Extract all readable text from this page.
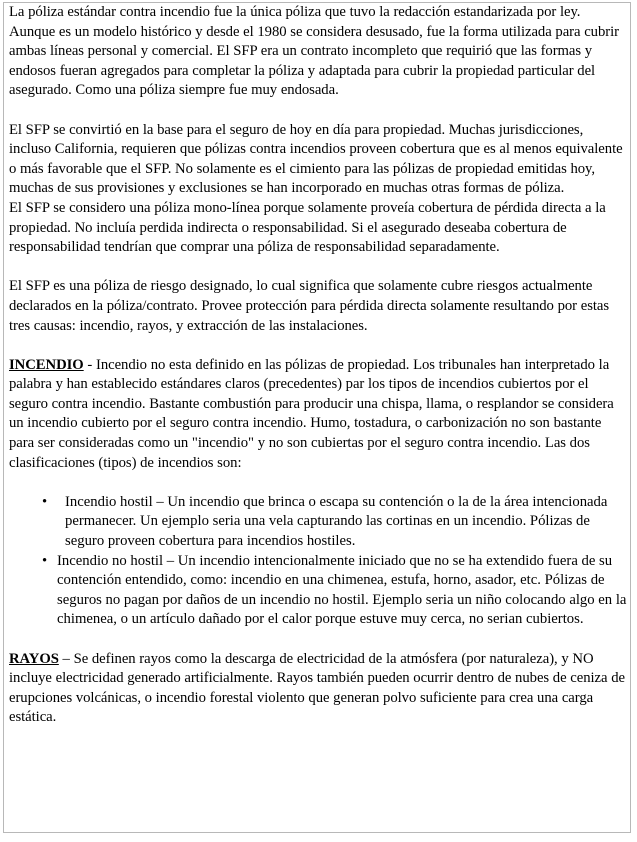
La póliza estándar contra incendio fue la única póliza que tuvo la redacción estandarizada por ley. Aunque es un modelo histórico y desde el 1980 se considera desusado, fue la forma utilizada para cubrir ambas líneas personal y comercial. El SFP era un contrato incompleto que requirió que las formas y endosos fueran agregados para completar la póliza y adaptada para cubrir la propiedad particular del asegurado. Como una póliza siempre fue muy endosada.

El SFP se convirtió en la base para el seguro de hoy en día para propiedad. Muchas jurisdicciones, incluso California, requieren que pólizas contra incendios proveen cobertura que es al menos equivalente o más favorable que el SFP. No solamente es el cimiento para las pólizas de propiedad emitidas hoy, muchas de sus provisiones y exclusiones se han incorporado en muchas otras formas de póliza.

El SFP se considero una póliza mono-línea porque solamente proveía cobertura de pérdida directa a la propiedad. No incluía perdida indirecta o responsabilidad. Si el asegurado deseaba cobertura de responsabilidad tendrían que comprar una póliza de responsabilidad separadamente.

El SFP es una póliza de riesgo designado, lo cual significa que solamente cubre riesgos actualmente declarados en la póliza/contrato. Provee protección para pérdida directa solamente resultando por estas tres causas: incendio, rayos, y extracción de las instalaciones.

INCENDIO - Incendio no esta definido en las pólizas de propiedad. Los tribunales han interpretado la palabra y han establecido estándares claros (precedentes) par los tipos de incendios cubiertos por el seguro contra incendio. Bastante combustión para producir una chispa, llama, o resplandor se considera un incendio cubierto por el seguro contra incendio. Humo, tostadura, o carbonización no son bastante para ser consideradas como un "incendio" y no son cubiertas por el seguro contra incendio. Las dos clasificaciones (tipos) de incendios son:

• Incendio hostil – Un incendio que brinca o escapa su contención o la de la área intencionada permanecer. Un ejemplo seria una vela capturando las cortinas en un incendio. Pólizas de seguro proveen cobertura para incendios hostiles.
• Incendio no hostil – Un incendio intencionalmente iniciado que no se ha extendido fuera de su contención entendido, como: incendio en una chimenea, estufa, horno, asador, etc. Pólizas de seguros no pagan por daños de un incendio no hostil. Ejemplo seria un niño colocando algo en la chimenea, o un artículo dañado por el calor porque estuve muy cerca, no serian cubiertos.

RAYOS – Se definen rayos como la descarga de electricidad de la atmósfera (por naturaleza), y NO incluye electricidad generado artificialmente. Rayos también pueden ocurrir dentro de nubes de ceniza de erupciones volcánicas, o incendio forestal violento que generan polvo suficiente para crea una carga estática.
